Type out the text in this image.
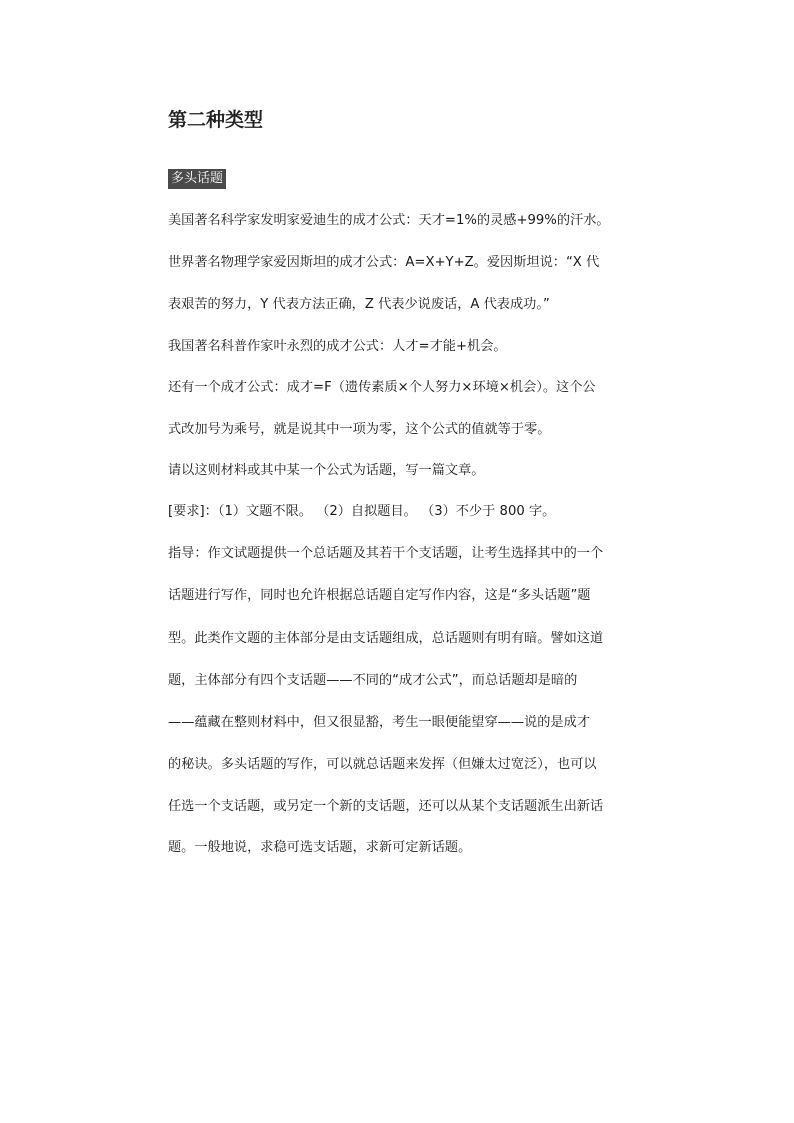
第二种类型
多头话题
美国著名科学家发明家爱迪生的成才公式：天才=1%的灵感+99%的汗水。
世界著名物理学家爱因斯坦的成才公式：A=X+Y+Z。爱因斯坦说：“X 代
表艰苦的努力，Y 代表方法正确，Z 代表少说废话，A 代表成功。”
我国著名科普作家叶永烈的成才公式：人才=才能+机会。
还有一个成才公式：成才=F（遗传素质×个人努力×环境×机会）。这个公
式改加号为乘号，就是说其中一项为零，这个公式的值就等于零。
请以这则材料或其中某一个公式为话题，写一篇文章。
[要求]：（1）文题不限。 （2）自拟题目。 （3）不少于 800 字。
指导：作文试题提供一个总话题及其若干个支话题，让考生选择其中的一个
话题进行写作，同时也允许根据总话题自定写作内容，这是“多头话题”题
型。此类作文题的主体部分是由支话题组成，总话题则有明有暗。譬如这道
题，主体部分有四个支话题——不同的“成才公式”，而总话题却是暗的
——蕴藏在整则材料中，但又很显豁，考生一眼便能望穿——说的是成才
的秘诀。多头话题的写作，可以就总话题来发挥（但嫌太过宽泛），也可以
任选一个支话题，或另定一个新的支话题，还可以从某个支话题派生出新话
题。一般地说，求稳可选支话题，求新可定新话题。
